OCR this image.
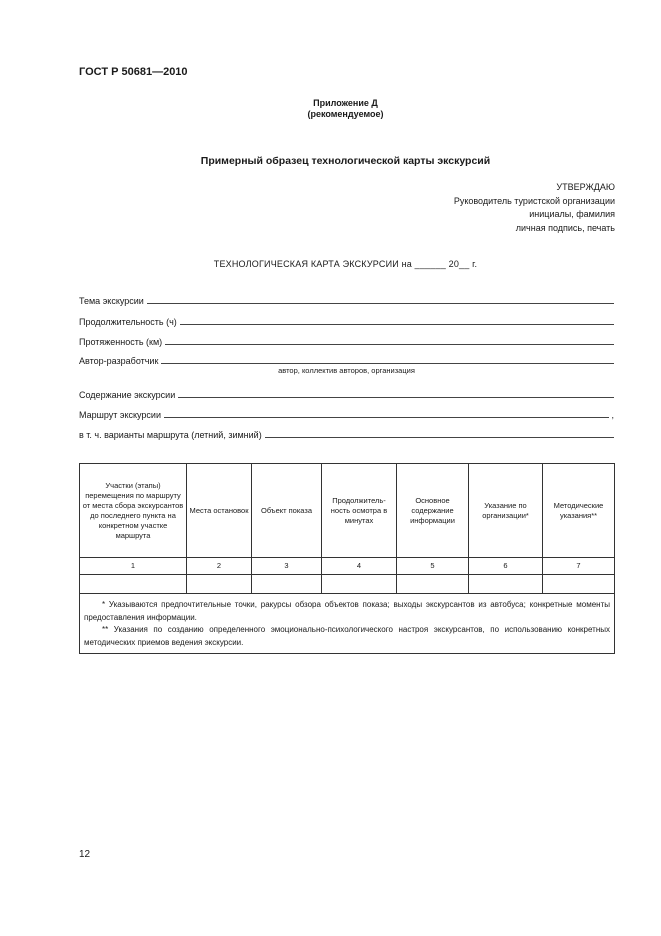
ГОСТ Р 50681—2010
Приложение Д
(рекомендуемое)
Примерный образец технологической карты экскурсий
УТВЕРЖДАЮ
Руководитель туристской организации
инициалы, фамилия
личная подпись, печать
ТЕХНОЛОГИЧЕСКАЯ КАРТА ЭКСКУРСИИ на ______ 20__ г.
Тема экскурсии
Продолжительность (ч)
Протяженность (км)
Автор-разработчик
автор, коллектив авторов, организация
Содержание экскурсии
Маршрут экскурсии	,
в т. ч. варианты маршрута (летний, зимний)
Участки (этапы) перемещения по маршруту от места сбора экскурсантов до последнего пункта на конкретном участке маршрута	Места остановок	Объект показа	Продолжитель-ность осмотра в минутах	Основное содержание информации	Указание по организации*	Методические указания**
1	2	3	4	5	6	7

* Указываются предпочтительные точки, ракурсы обзора объектов показа; выходы экскурсантов из автобуса; конкретные моменты предоставления информации.
** Указания по созданию определенного эмоционально-психологического настроя экскурсантов, по использованию конкретных методических приемов ведения экскурсии.						
12
